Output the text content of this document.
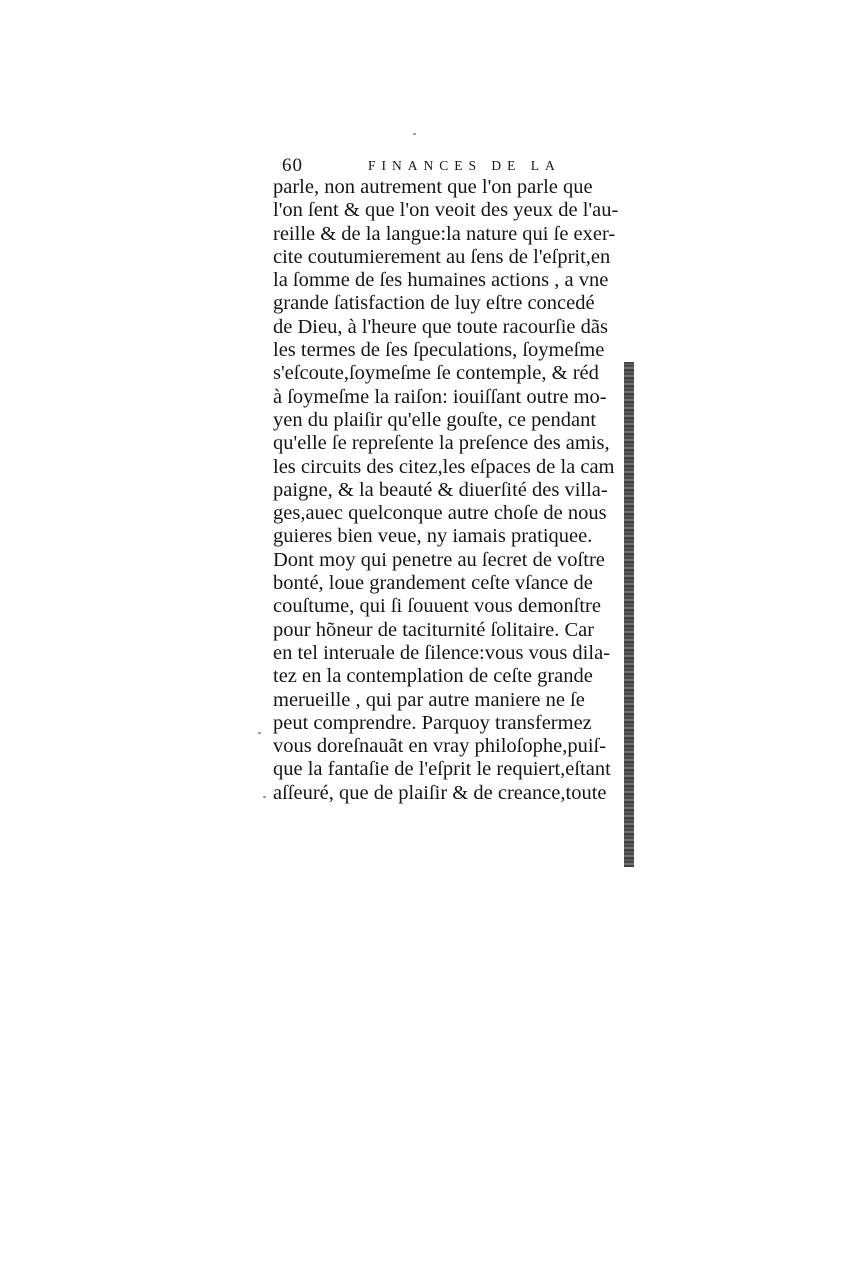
60	FINANCES DE LA
parle, non autrement que l'on parle que
l'on ſent & que l'on veoit des yeux de l'au-
reille & de la langue:la nature qui ſe exer-
cite coutumierement au ſens de l'eſprit,en
la ſomme de ſes humaines actions , a vne
grande ſatisfaction de luy eſtre concedé
de Dieu, à l'heure que toute racourſie dãs
les termes de ſes ſpeculations, ſoymeſme
s'eſcoute,ſoymeſme ſe contemple, & réd
à ſoymeſme la raiſon: iouiſſant outre mo-
yen du plaiſir qu'elle gouſte, ce pendant
qu'elle ſe repreſente la preſence des amis,
les circuits des citez,les eſpaces de la cam
paigne, & la beauté & diuerſité des villa-
ges,auec quelconque autre choſe de nous
guieres bien veue, ny iamais pratiquee.
Dont moy qui penetre au ſecret de voſtre
bonté, loue grandement ceſte vſance de
couſtume, qui ſi ſouuent vous demonſtre
pour hõneur de taciturnité ſolitaire. Car
en tel interuale de ſilence:vous vous dila-
tez en la contemplation de ceſte grande
merueille , qui par autre maniere ne ſe
peut comprendre. Parquoy transfermez
vous doreſnauãt en vray philoſophe,puiſ-
que la fantaſie de l'eſprit le requiert,eſtant
aſſeuré, que de plaiſir & de creance,toute
